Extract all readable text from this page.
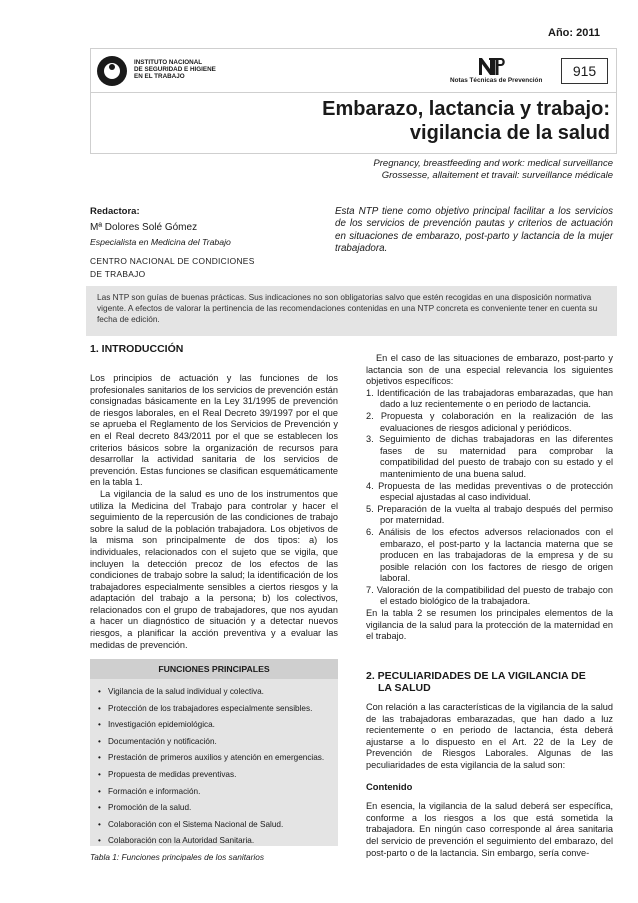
Año: 2011
INSTITUTO NACIONAL
DE SEGURIDAD E HIGIENE
EN EL TRABAJO
Notas Técnicas de Prevención
915
Embarazo, lactancia y trabajo:
vigilancia de la salud
Pregnancy, breastfeeding and work: medical surveillance
Grossesse, allaitement et travail: surveillance médicale
Redactora:
Mª Dolores Solé Gómez
Especialista en Medicina del Trabajo
CENTRO NACIONAL DE CONDICIONES
DE TRABAJO
Esta NTP tiene como objetivo principal facilitar a los servicios de los servicios de prevención pautas y criterios de actuación en situaciones de embarazo, post-parto y lactancia de la mujer trabajadora.
Las NTP son guías de buenas prácticas. Sus indicaciones no son obligatorias salvo que estén recogidas en una disposición normativa vigente. A efectos de valorar la pertinencia de las recomendaciones contenidas en una NTP concreta es conveniente tener en cuenta su fecha de edición.
1. INTRODUCCIÓN

Los principios de actuación y las funciones de los profesionales sanitarios de los servicios de prevención están consignadas básicamente en la Ley 31/1995 de prevención de riesgos laborales, en el Real Decreto 39/1997 por el que se aprueba el Reglamento de los Servicios de Prevención y en el Real decreto 843/2011 por el que se establecen los criterios básicos sobre la organización de recursos para desarrollar la actividad sanitaria de los servicios de prevención. Estas funciones se clasifican esquemáticamente en la tabla 1.

La vigilancia de la salud es uno de los instrumentos que utiliza la Medicina del Trabajo para controlar y hacer el seguimiento de la repercusión de las condiciones de trabajo sobre la salud de la población trabajadora. Los objetivos de la misma son principalmente de dos tipos: a) los individuales, relacionados con el sujeto que se vigila, que incluyen la detección precoz de los efectos de las condiciones de trabajo sobre la salud; la identificación de los trabajadores especialmente sensibles a ciertos riesgos y la adaptación del trabajo a la persona; b) los colectivos, relacionados con el grupo de trabajadores, que nos ayudan a hacer un diagnóstico de situación y a detectar nuevos riesgos, a planificar la acción preventiva y a evaluar las medidas de prevención.

FUNCIONES PRINCIPALES
• Vigilancia de la salud individual y colectiva.
• Protección de los trabajadores especialmente sensibles.
• Investigación epidemiológica.
• Documentación y notificación.
• Prestación de primeros auxilios y atención en emergencias.
• Propuesta de medidas preventivas.
• Formación e información.
• Promoción de la salud.
• Colaboración con el Sistema Nacional de Salud.
• Colaboración con la Autoridad Sanitaria.
Tabla 1: Funciones principales de los sanitarios

En el caso de las situaciones de embarazo, post-parto y lactancia son de una especial relevancia los siguientes objetivos específicos:

1. Identificación de las trabajadoras embarazadas, que han dado a luz recientemente o en periodo de lactancia.
2. Propuesta y colaboración en la realización de las evaluaciones de riesgos adicional y periódicos.
3. Seguimiento de dichas trabajadoras en las diferentes fases de su maternidad para comprobar la compatibilidad del puesto de trabajo con su estado y el mantenimiento de una buena salud.
4. Propuesta de las medidas preventivas o de protección especial ajustadas al caso individual.
5. Preparación de la vuelta al trabajo después del permiso por maternidad.
6. Análisis de los efectos adversos relacionados con el embarazo, el post-parto y la lactancia materna que se producen en las trabajadoras de la empresa y de su posible relación con los factores de riesgo de origen laboral.
7. Valoración de la compatibilidad del puesto de trabajo con el estado biológico de la trabajadora.

En la tabla 2 se resumen los principales elementos de la vigilancia de la salud para la protección de la maternidad en el trabajo.

2. PECULIARIDADES DE LA VIGILANCIA DE
LA SALUD

Con relación a las características de la vigilancia de la salud de las trabajadoras embarazadas, que han dado a luz recientemente o en periodo de lactancia, ésta deberá ajustarse a lo dispuesto en el Art. 22 de la Ley de Prevención de Riesgos Laborales. Algunas de las peculiaridades de esta vigilancia de la salud son:

Contenido

En esencia, la vigilancia de la salud deberá ser específica, conforme a los riesgos a los que está sometida la trabajadora. En ningún caso corresponde al área sanitaria del servicio de prevención el seguimiento del embarazo, del post-parto o de la lactancia. Sin embargo, sería conve-
